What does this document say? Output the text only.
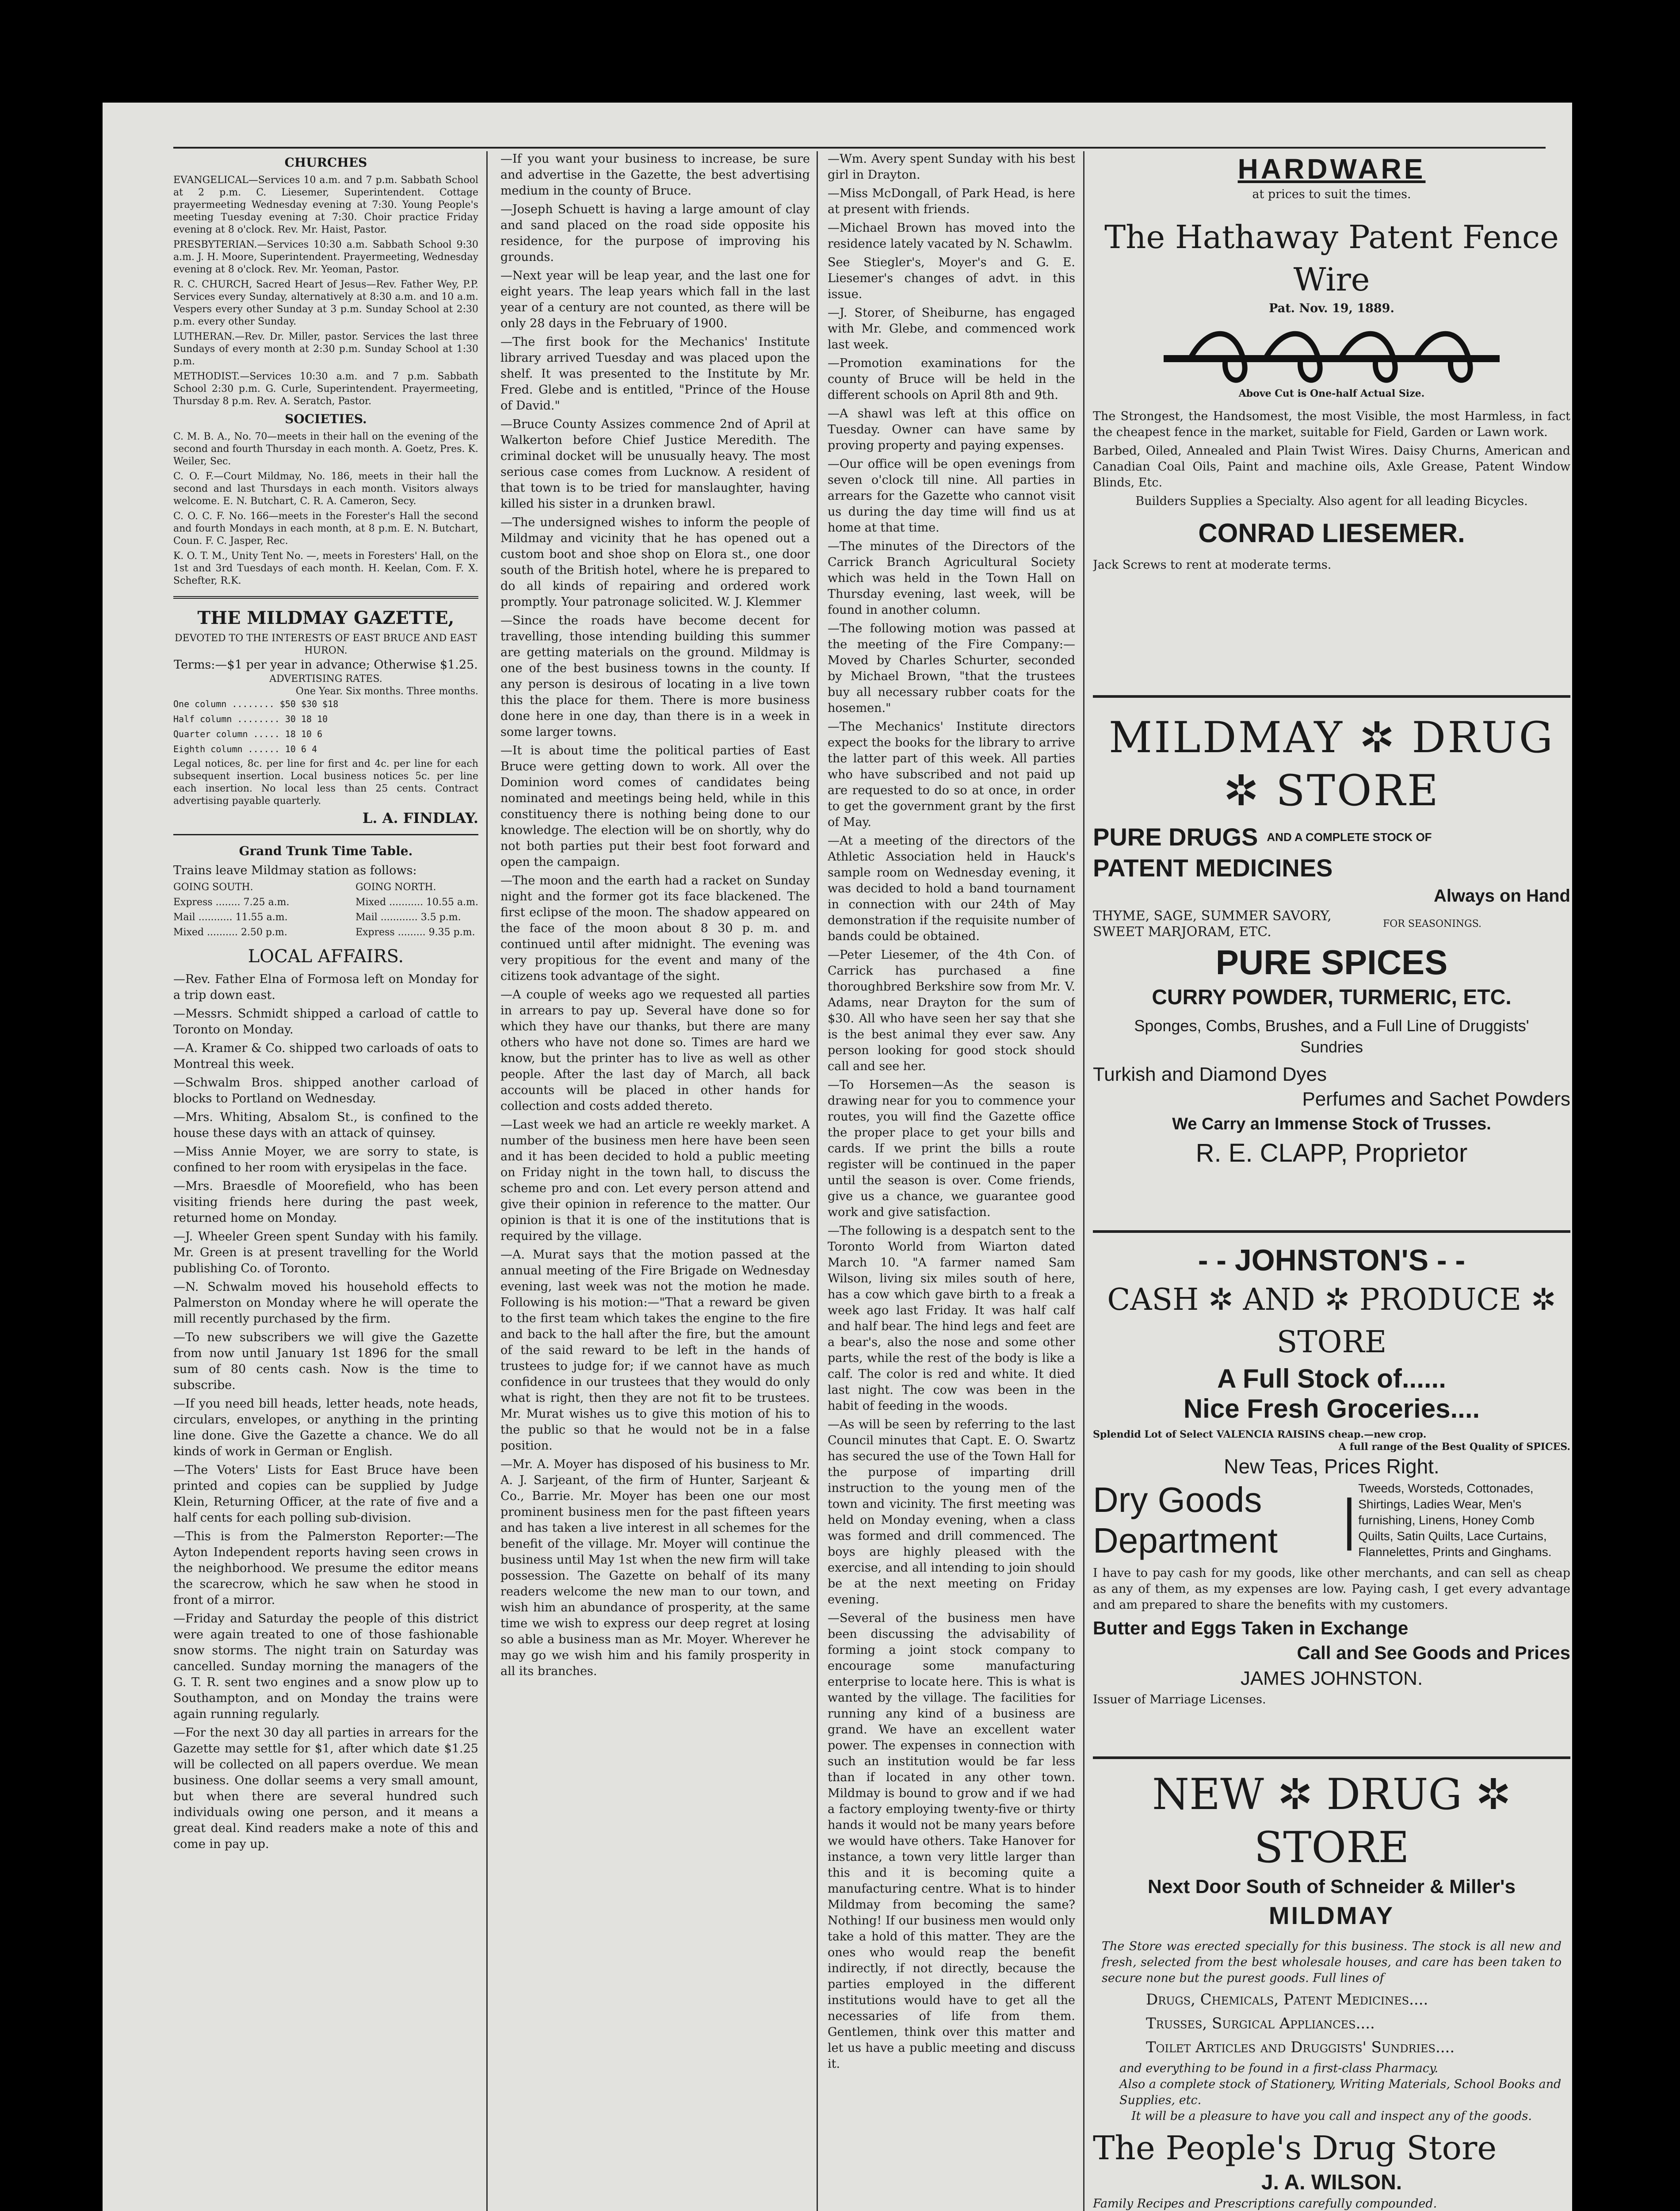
CHURCHES
EVANGELICAL—Services 10 a.m. and 7 p.m. Sabbath School at 2 p.m. C. Liesemer, Superintendent. Cottage prayermeeting Wednesday evening at 7:30. Young People's meeting Tuesday evening at 7:30. Choir practice Friday evening at 8 o'clock. Rev. Mr. Haist, Pastor.
PRESBYTERIAN.—Services 10:30 a.m. Sabbath School 9:30 a.m. J. H. Moore, Superintendent. Prayermeeting, Wednesday evening at 8 o'clock. Rev. Mr. Yeoman, Pastor.
R. C. CHURCH, Sacred Heart of Jesus—Rev. Father Wey, P.P. Services every Sunday, alternatively at 8:30 a.m. and 10 a.m. Vespers every other Sunday at 3 p.m. Sunday School at 2:30 p.m. every other Sunday.
LUTHERAN.—Rev. Dr. Miller, pastor. Services the last three Sundays of every month at 2:30 p.m. Sunday School at 1:30 p.m.
METHODIST.—Services 10:30 a.m. and 7 p.m. Sabbath School 2:30 p.m. G. Curle, Superintendent. Prayermeeting, Thursday 8 p.m. Rev. A. Seratch, Pastor.
SOCIETIES.
C. M. B. A., No. 70—meets in their hall on the evening of the second and fourth Thursday in each month. A. Goetz, Pres. K. Weiler, Sec.
C. O. F.—Court Mildmay, No. 186, meets in their hall the second and last Thursdays in each month. Visitors always welcome. E. N. Butchart, C. R. A. Cameron, Secy.
C. O. C. F. No. 166—meets in the Forester's Hall the second and fourth Mondays in each month, at 8 p.m. E. N. Butchart, Coun. F. C. Jasper, Rec.
K. O. T. M., Unity Tent No. —, meets in Foresters' Hall, on the 1st and 3rd Tuesdays of each month. H. Keelan, Com. F. X. Schefter, R.K.
THE MILDMAY GAZETTE,
DEVOTED TO THE INTERESTS OF EAST BRUCE AND EAST HURON.
Terms:—$1 per year in advance; Otherwise $1.25.
ADVERTISING RATES.
One Year. Six months. Three months.
One column ........ $50 $30 $18
Half column ........ 30 18 10
Quarter column ..... 18 10 6
Eighth column ...... 10 6 4
Legal notices, 8c. per line for first and 4c. per line for each subsequent insertion. Local business notices 5c. per line each insertion. No local less than 25 cents. Contract advertising payable quarterly.
L. A. FINDLAY.
Grand Trunk Time Table.
Trains leave Mildmay station as follows:
GOING SOUTH.
Express ........ 7.25 a.m.
Mail ........... 11.55 a.m.
Mixed .......... 2.50 p.m.
GOING NORTH.
Mixed ........... 10.55 a.m.
Mail ............ 3.5 p.m.
Express ......... 9.35 p.m.
LOCAL AFFAIRS.
—Rev. Father Elna of Formosa left on Monday for a trip down east.
—Messrs. Schmidt shipped a carload of cattle to Toronto on Monday.
—A. Kramer & Co. shipped two carloads of oats to Montreal this week.
—Schwalm Bros. shipped another carload of blocks to Portland on Wednesday.
—Mrs. Whiting, Absalom St., is confined to the house these days with an attack of quinsey.
—Miss Annie Moyer, we are sorry to state, is confined to her room with erysipelas in the face.
—Mrs. Braesdle of Moorefield, who has been visiting friends here during the past week, returned home on Monday.
—J. Wheeler Green spent Sunday with his family. Mr. Green is at present travelling for the World publishing Co. of Toronto.
—N. Schwalm moved his household effects to Palmerston on Monday where he will operate the mill recently purchased by the firm.
—To new subscribers we will give the Gazette from now until January 1st 1896 for the small sum of 80 cents cash. Now is the time to subscribe.
—If you need bill heads, letter heads, note heads, circulars, envelopes, or anything in the printing line done. Give the Gazette a chance. We do all kinds of work in German or English.
—The Voters' Lists for East Bruce have been printed and copies can be supplied by Judge Klein, Returning Officer, at the rate of five and a half cents for each polling sub-division.
—This is from the Palmerston Reporter:—The Ayton Independent reports having seen crows in the neighborhood. We presume the editor means the scarecrow, which he saw when he stood in front of a mirror.
—Friday and Saturday the people of this district were again treated to one of those fashionable snow storms. The night train on Saturday was cancelled. Sunday morning the managers of the G. T. R. sent two engines and a snow plow up to Southampton, and on Monday the trains were again running regularly.
—For the next 30 day all parties in arrears for the Gazette may settle for $1, after which date $1.25 will be collected on all papers overdue. We mean business. One dollar seems a very small amount, but when there are several hundred such individuals owing one person, and it means a great deal. Kind readers make a note of this and come in pay up.
—If you want your business to increase, be sure and advertise in the Gazette, the best advertising medium in the county of Bruce.
—Joseph Schuett is having a large amount of clay and sand placed on the road side opposite his residence, for the purpose of improving his grounds.
—Next year will be leap year, and the last one for eight years. The leap years which fall in the last year of a century are not counted, as there will be only 28 days in the February of 1900.
—The first book for the Mechanics' Institute library arrived Tuesday and was placed upon the shelf. It was presented to the Institute by Mr. Fred. Glebe and is entitled, "Prince of the House of David."
—Bruce County Assizes commence 2nd of April at Walkerton before Chief Justice Meredith. The criminal docket will be unusually heavy. The most serious case comes from Lucknow. A resident of that town is to be tried for manslaughter, having killed his sister in a drunken brawl.
—The undersigned wishes to inform the people of Mildmay and vicinity that he has opened out a custom boot and shoe shop on Elora st., one door south of the British hotel, where he is prepared to do all kinds of repairing and ordered work promptly. Your patronage solicited. W. J. Klemmer
—Since the roads have become decent for travelling, those intending building this summer are getting materials on the ground. Mildmay is one of the best business towns in the county. If any person is desirous of locating in a live town this the place for them. There is more business done here in one day, than there is in a week in some larger towns.
—It is about time the political parties of East Bruce were getting down to work. All over the Dominion word comes of candidates being nominated and meetings being held, while in this constituency there is nothing being done to our knowledge. The election will be on shortly, why do not both parties put their best foot forward and open the campaign.
—The moon and the earth had a racket on Sunday night and the former got its face blackened. The first eclipse of the moon. The shadow appeared on the face of the moon about 8 30 p. m. and continued until after midnight. The evening was very propitious for the event and many of the citizens took advantage of the sight.
—A couple of weeks ago we requested all parties in arrears to pay up. Several have done so for which they have our thanks, but there are many others who have not done so. Times are hard we know, but the printer has to live as well as other people. After the last day of March, all back accounts will be placed in other hands for collection and costs added thereto.
—Last week we had an article re weekly market. A number of the business men here have been seen and it has been decided to hold a public meeting on Friday night in the town hall, to discuss the scheme pro and con. Let every person attend and give their opinion in reference to the matter. Our opinion is that it is one of the institutions that is required by the village.
—A. Murat says that the motion passed at the annual meeting of the Fire Brigade on Wednesday evening, last week was not the motion he made. Following is his motion:—"That a reward be given to the first team which takes the engine to the fire and back to the hall after the fire, but the amount of the said reward to be left in the hands of trustees to judge for; if we cannot have as much confidence in our trustees that they would do only what is right, then they are not fit to be trustees. Mr. Murat wishes us to give this motion of his to the public so that he would not be in a false position.
—Mr. A. Moyer has disposed of his business to Mr. A. J. Sarjeant, of the firm of Hunter, Sarjeant & Co., Barrie. Mr. Moyer has been one our most prominent business men for the past fifteen years and has taken a live interest in all schemes for the benefit of the village. Mr. Moyer will continue the business until May 1st when the new firm will take possession. The Gazette on behalf of its many readers welcome the new man to our town, and wish him an abundance of prosperity, at the same time we wish to express our deep regret at losing so able a business man as Mr. Moyer. Wherever he may go we wish him and his family prosperity in all its branches.
—Wm. Avery spent Sunday with his best girl in Drayton.
—Miss McDongall, of Park Head, is here at present with friends.
—Michael Brown has moved into the residence lately vacated by N. Schawlm.
See Stiegler's, Moyer's and G. E. Liesemer's changes of advt. in this issue.
—J. Storer, of Sheiburne, has engaged with Mr. Glebe, and commenced work last week.
—Promotion examinations for the county of Bruce will be held in the different schools on April 8th and 9th.
—A shawl was left at this office on Tuesday. Owner can have same by proving property and paying expenses.
—Our office will be open evenings from seven o'clock till nine. All parties in arrears for the Gazette who cannot visit us during the day time will find us at home at that time.
—The minutes of the Directors of the Carrick Branch Agricultural Society which was held in the Town Hall on Thursday evening, last week, will be found in another column.
—The following motion was passed at the meeting of the Fire Company:—Moved by Charles Schurter, seconded by Michael Brown, "that the trustees buy all necessary rubber coats for the hosemen."
—The Mechanics' Institute directors expect the books for the library to arrive the latter part of this week. All parties who have subscribed and not paid up are requested to do so at once, in order to get the government grant by the first of May.
—At a meeting of the directors of the Athletic Association held in Hauck's sample room on Wednesday evening, it was decided to hold a band tournament in connection with our 24th of May demonstration if the requisite number of bands could be obtained.
—Peter Liesemer, of the 4th Con. of Carrick has purchased a fine thoroughbred Berkshire sow from Mr. V. Adams, near Drayton for the sum of $30. All who have seen her say that she is the best animal they ever saw. Any person looking for good stock should call and see her.
—To Horsemen—As the season is drawing near for you to commence your routes, you will find the Gazette office the proper place to get your bills and cards. If we print the bills a route register will be continued in the paper until the season is over. Come friends, give us a chance, we guarantee good work and give satisfaction.
—The following is a despatch sent to the Toronto World from Wiarton dated March 10. "A farmer named Sam Wilson, living six miles south of here, has a cow which gave birth to a freak a week ago last Friday. It was half calf and half bear. The hind legs and feet are a bear's, also the nose and some other parts, while the rest of the body is like a calf. The color is red and white. It died last night. The cow was been in the habit of feeding in the woods.
—As will be seen by referring to the last Council minutes that Capt. E. O. Swartz has secured the use of the Town Hall for the purpose of imparting drill instruction to the young men of the town and vicinity. The first meeting was held on Monday evening, when a class was formed and drill commenced. The boys are highly pleased with the exercise, and all intending to join should be at the next meeting on Friday evening.
—Several of the business men have been discussing the advisability of forming a joint stock company to encourage some manufacturing enterprise to locate here. This is what is wanted by the village. The facilities for running any kind of a business are grand. We have an excellent water power. The expenses in connection with such an institution would be far less than if located in any other town. Mildmay is bound to grow and if we had a factory employing twenty-five or thirty hands it would not be many years before we would have others. Take Hanover for instance, a town very little larger than this and it is becoming quite a manufacturing centre. What is to hinder Mildmay from becoming the same? Nothing! If our business men would only take a hold of this matter. They are the ones who would reap the benefit indirectly, if not directly, because the parties employed in the different institutions would have to get all the necessaries of life from them. Gentlemen, think over this matter and let us have a public meeting and discuss it.
HARDWARE
at prices to suit the times.
The Hathaway Patent Fence Wire
Pat. Nov. 19, 1889.
Above Cut is One-half Actual Size.
The Strongest, the Handsomest, the most Visible, the most Harmless, in fact the cheapest fence in the market, suitable for Field, Garden or Lawn work.
Barbed, Oiled, Annealed and Plain Twist Wires. Daisy Churns, American and Canadian Coal Oils, Paint and machine oils, Axle Grease, Patent Window Blinds, Etc.
Builders Supplies a Specialty. Also agent for all leading Bicycles.
CONRAD LIESEMER.
Jack Screws to rent at moderate terms.
MILDMAY ✲ DRUG ✲ STORE
PURE DRUGS AND A COMPLETE STOCK OF
PATENT MEDICINES
Always on Hand
THYME, SAGE, SUMMER SAVORY, SWEET MARJORAM, ETC.
FOR SEASONINGS.
PURE SPICES
CURRY POWDER, TURMERIC, ETC.
Sponges, Combs, Brushes, and a Full Line of Druggists' Sundries
Turkish and Diamond Dyes
Perfumes and Sachet Powders
We Carry an Immense Stock of Trusses.
R. E. CLAPP, Proprietor
- - JOHNSTON'S - -
CASH ✲ AND ✲ PRODUCE ✲ STORE
A Full Stock of......
Nice Fresh Groceries....
Splendid Lot of Select VALENCIA RAISINS cheap.—new crop.
A full range of the Best Quality of SPICES.
New Teas, Prices Right.
Dry Goods
Department	|
Tweeds, Worsteds, Cottonades, Shirtings, Ladies Wear, Men's furnishing, Linens, Honey Comb Quilts, Satin Quilts, Lace Curtains, Flannelettes, Prints and Ginghams.
I have to pay cash for my goods, like other merchants, and can sell as cheap as any of them, as my expenses are low. Paying cash, I get every advantage and am prepared to share the benefits with my customers.
Butter and Eggs Taken in Exchange
Call and See Goods and Prices
JAMES JOHNSTON.
Issuer of Marriage Licenses.
NEW ✲ DRUG ✲ STORE
Next Door South of Schneider & Miller's
MILDMAY
The Store was erected specially for this business. The stock is all new and fresh, selected from the best wholesale houses, and care has been taken to secure none but the purest goods. Full lines of
Drugs, Chemicals, Patent Medicines....
Trusses, Surgical Appliances....
Toilet Articles and Druggists' Sundries....
and everything to be found in a first-class Pharmacy.
Also a complete stock of Stationery, Writing Materials, School Books and Supplies, etc.
It will be a pleasure to have you call and inspect any of the goods.
The People's Drug Store
J. A. WILSON.
Family Recipes and Prescriptions carefully compounded.
